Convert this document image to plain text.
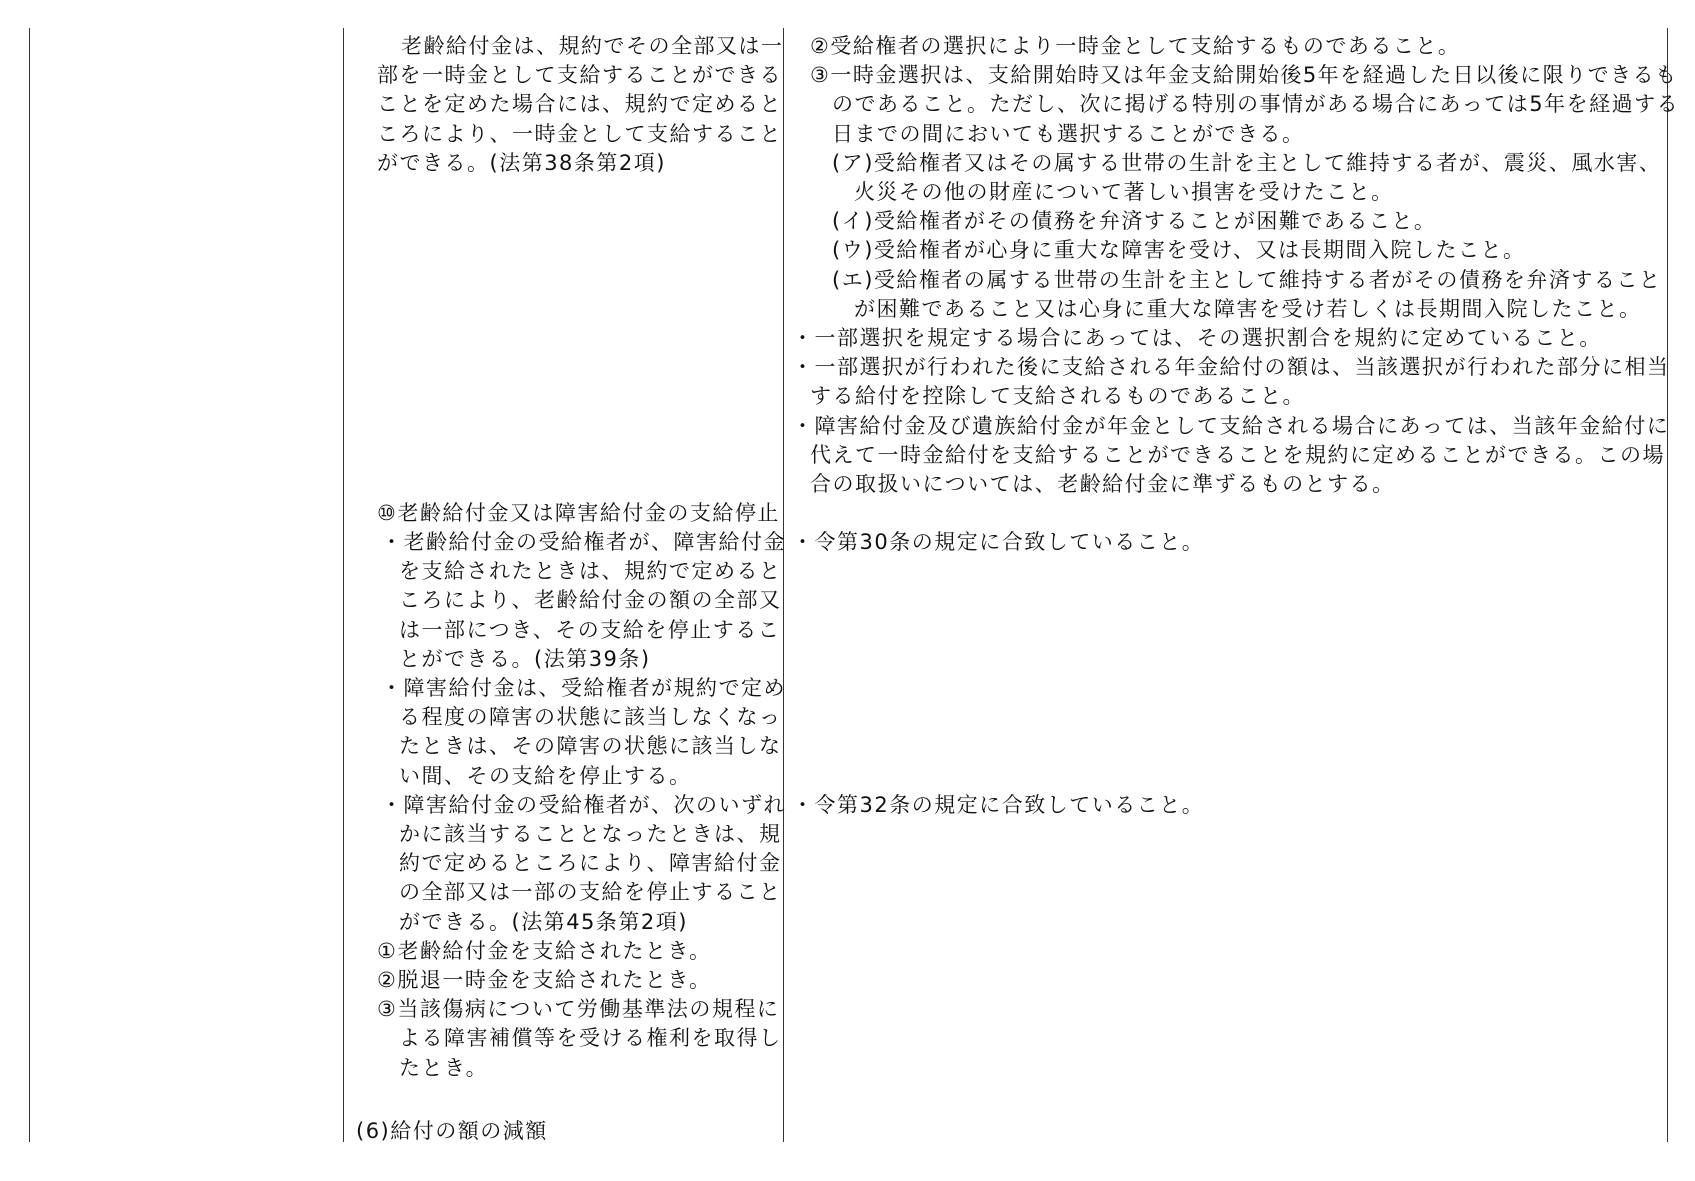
老齢給付金は、規約でその全部又は一

部を一時金として支給することができる

ことを定めた場合には、規約で定めると

ころにより、一時金として支給すること

ができる。(法第38条第2項)

⑩老齢給付金又は障害給付金の支給停止

・老齢給付金の受給権者が、障害給付金

を支給されたときは、規約で定めると

ころにより、老齢給付金の額の全部又

は一部につき、その支給を停止するこ

とができる。(法第39条)

・障害給付金は、受給権者が規約で定め

る程度の障害の状態に該当しなくなっ

たときは、その障害の状態に該当しな

い間、その支給を停止する。

・障害給付金の受給権者が、次のいずれ

かに該当することとなったときは、規

約で定めるところにより、障害給付金

の全部又は一部の支給を停止すること

ができる。(法第45条第2項)

①老齢給付金を支給されたとき。

②脱退一時金を支給されたとき。

③当該傷病について労働基準法の規程に

よる障害補償等を受ける権利を取得し

たとき。

(6)給付の額の減額

②受給権者の選択により一時金として支給するものであること。

③一時金選択は、支給開始時又は年金支給開始後5年を経過した日以後に限りできるも

のであること。ただし、次に掲げる特別の事情がある場合にあっては5年を経過する

日までの間においても選択することができる。

(ア)受給権者又はその属する世帯の生計を主として維持する者が、震災、風水害、

火災その他の財産について著しい損害を受けたこと。

(イ)受給権者がその債務を弁済することが困難であること。

(ウ)受給権者が心身に重大な障害を受け、又は長期間入院したこと。

(エ)受給権者の属する世帯の生計を主として維持する者がその債務を弁済すること

が困難であること又は心身に重大な障害を受け若しくは長期間入院したこと。

・一部選択を規定する場合にあっては、その選択割合を規約に定めていること。

・一部選択が行われた後に支給される年金給付の額は、当該選択が行われた部分に相当

する給付を控除して支給されるものであること。

・障害給付金及び遺族給付金が年金として支給される場合にあっては、当該年金給付に

代えて一時金給付を支給することができることを規約に定めることができる。この場

合の取扱いについては、老齢給付金に準ずるものとする。

・令第30条の規定に合致していること。

・令第32条の規定に合致していること。
